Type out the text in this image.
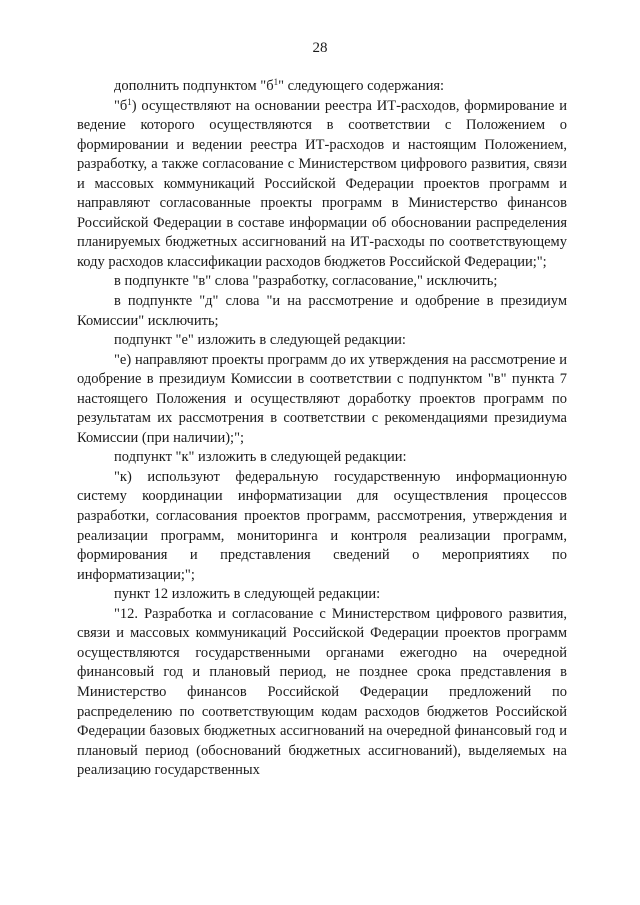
28

дополнить подпунктом "$б^1$" следующего содержания:

"$б^1$) осуществляют на основании реестра ИТ-расходов, формирование и ведение которого осуществляются в соответствии с Положением о формировании и ведении реестра ИТ-расходов и настоящим Положением, разработку, а также согласование с Министерством цифрового развития, связи и массовых коммуникаций Российской Федерации проектов программ и направляют согласованные проекты программ в Министерство финансов Российской Федерации в составе информации об обосновании распределения планируемых бюджетных ассигнований на ИТ-расходы по соответствующему коду расходов классификации расходов бюджетов Российской Федерации;";

в подпункте "в" слова "разработку, согласование," исключить;

в подпункте "д" слова "и на рассмотрение и одобрение в президиум Комиссии" исключить;

подпункт "е" изложить в следующей редакции:

"е) направляют проекты программ до их утверждения на рассмотрение и одобрение в президиум Комиссии в соответствии с подпунктом "в" пункта 7 настоящего Положения и осуществляют доработку проектов программ по результатам их рассмотрения в соответствии с рекомендациями президиума Комиссии (при наличии);";

подпункт "к" изложить в следующей редакции:

"к) используют федеральную государственную информационную систему координации информатизации для осуществления процессов разработки, согласования проектов программ, рассмотрения, утверждения и реализации программ, мониторинга и контроля реализации программ, формирования и представления сведений о мероприятиях по информатизации;";

пункт 12 изложить в следующей редакции:

"12. Разработка и согласование с Министерством цифрового развития, связи и массовых коммуникаций Российской Федерации проектов программ осуществляются государственными органами ежегодно на очередной финансовый год и плановый период, не позднее срока представления в Министерство финансов Российской Федерации предложений по распределению по соответствующим кодам расходов бюджетов Российской Федерации базовых бюджетных ассигнований на очередной финансовый год и плановый период (обоснований бюджетных ассигнований), выделяемых на реализацию государственных
